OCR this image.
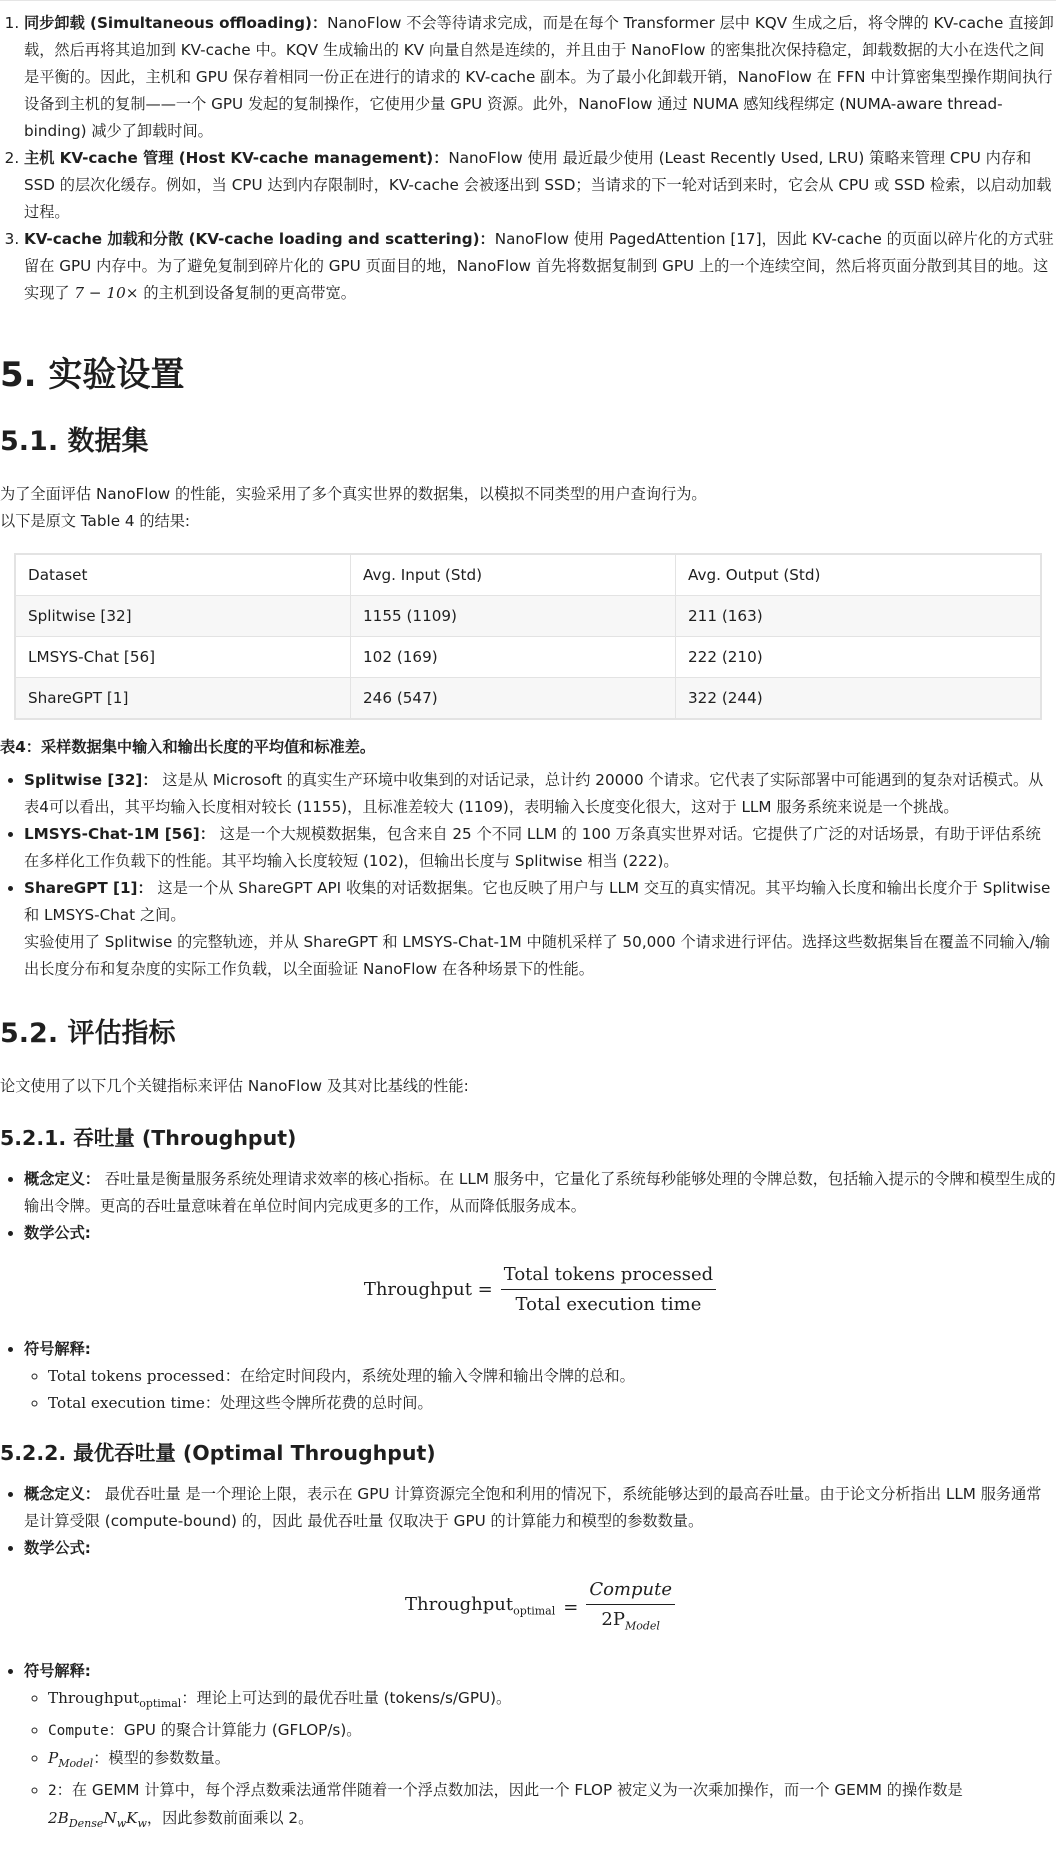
1. 同步卸载 (Simultaneous offloading)：NanoFlow 不会等待请求完成，而是在每个 Transformer 层中 KQV 生成之后，将令牌的 KV-cache 直接卸载，然后再将其追加到 KV-cache 中。KQV 生成输出的 KV 向量自然是连续的，并且由于 NanoFlow 的密集批次保持稳定，卸载数据的大小在迭代之间是平衡的。因此，主机和 GPU 保存着相同一份正在进行的请求的 KV-cache 副本。为了最小化卸载开销，NanoFlow 在 FFN 中计算密集型操作期间执行设备到主机的复制——一个 GPU 发起的复制操作，它使用少量 GPU 资源。此外，NanoFlow 通过 NUMA 感知线程绑定 (NUMA-aware thread-binding) 减少了卸载时间。
2. 主机 KV-cache 管理 (Host KV-cache management)：NanoFlow 使用 最近最少使用 (Least Recently Used, LRU) 策略来管理 CPU 内存和 SSD 的层次化缓存。例如，当 CPU 达到内存限制时，KV-cache 会被逐出到 SSD；当请求的下一轮对话到来时，它会从 CPU 或 SSD 检索，以启动加载过程。
3. KV-cache 加载和分散 (KV-cache loading and scattering)：NanoFlow 使用 PagedAttention [17]，因此 KV-cache 的页面以碎片化的方式驻留在 GPU 内存中。为了避免复制到碎片化的 GPU 页面目的地，NanoFlow 首先将数据复制到 GPU 上的一个连续空间，然后将页面分散到其目的地。这实现了 7 − 10× 的主机到设备复制的更高带宽。
5. 实验设置
5.1. 数据集

为了全面评估 NanoFlow 的性能，实验采用了多个真实世界的数据集，以模拟不同类型的用户查询行为。

以下是原文 Table 4 的结果:

Dataset	Avg. Input (Std)	Avg. Output (Std)
Splitwise [32]	1155 (1109)	211 (163)
LMSYS-Chat [56]	102 (169)	222 (210)
ShareGPT [1]	246 (547)	322 (244)

表4：采样数据集中输入和输出长度的平均值和标准差。

• Splitwise [32]： 这是从 Microsoft 的真实生产环境中收集到的对话记录，总计约 20000 个请求。它代表了实际部署中可能遇到的复杂对话模式。从表4可以看出，其平均输入长度相对较长 (1155)，且标准差较大 (1109)，表明输入长度变化很大，这对于 LLM 服务系统来说是一个挑战。
• LMSYS-Chat-1M [56]： 这是一个大规模数据集，包含来自 25 个不同 LLM 的 100 万条真实世界对话。它提供了广泛的对话场景，有助于评估系统在多样化工作负载下的性能。其平均输入长度较短 (102)，但输出长度与 Splitwise 相当 (222)。
• ShareGPT [1]： 这是一个从 ShareGPT API 收集的对话数据集。它也反映了用户与 LLM 交互的真实情况。其平均输入长度和输出长度介于 Splitwise 和 LMSYS-Chat 之间。

实验使用了 Splitwise 的完整轨迹，并从 ShareGPT 和 LMSYS-Chat-1M 中随机采样了 50,000 个请求进行评估。选择这些数据集旨在覆盖不同输入/输出长度分布和复杂度的实际工作负载，以全面验证 NanoFlow 在各种场景下的性能。

5.2. 评估指标

论文使用了以下几个关键指标来评估 NanoFlow 及其对比基线的性能:

5.2.1. 吞吐量 (Throughput)
• 概念定义： 吞吐量是衡量服务系统处理请求效率的核心指标。在 LLM 服务中，它量化了系统每秒能够处理的令牌总数，包括输入提示的令牌和模型生成的输出令牌。更高的吞吐量意味着在单位时间内完成更多的工作，从而降低服务成本。
• 数学公式:
Throughput = $\frac{\text{Total tokens processed}}{\text{Total execution time}}$
• 符号解释:
◦ Total tokens processed：在给定时间段内，系统处理的输入令牌和输出令牌的总和。
◦ Total execution time：处理这些令牌所花费的总时间。
5.2.2. 最优吞吐量 (Optimal Throughput)
• 概念定义： 最优吞吐量 是一个理论上限，表示在 GPU 计算资源完全饱和利用的情况下，系统能够达到的最高吞吐量。由于论文分析指出 LLM 服务通常是计算受限 (compute-bound) 的，因此 最优吞吐量 仅取决于 GPU 的计算能力和模型的参数数量。
• 数学公式:
Throughput$_{optimal}$ = $\frac{\text{Compute}}{2P_{Model}}$
• 符号解释:
◦ Throughput$_{optimal}$：理论上可达到的最优吞吐量 (tokens/s/GPU)。
◦ Compute：GPU 的聚合计算能力 (GFLOP/s)。
◦ $P_{Model}$：模型的参数数量。
◦ 2：在 GEMM 计算中，每个浮点数乘法通常伴随着一个浮点数加法，因此一个 FLOP 被定义为一次乘加操作，而一个 GEMM 的操作数是
$2B_{Dense}N_wK_w$，因此参数前面乘以 2。
